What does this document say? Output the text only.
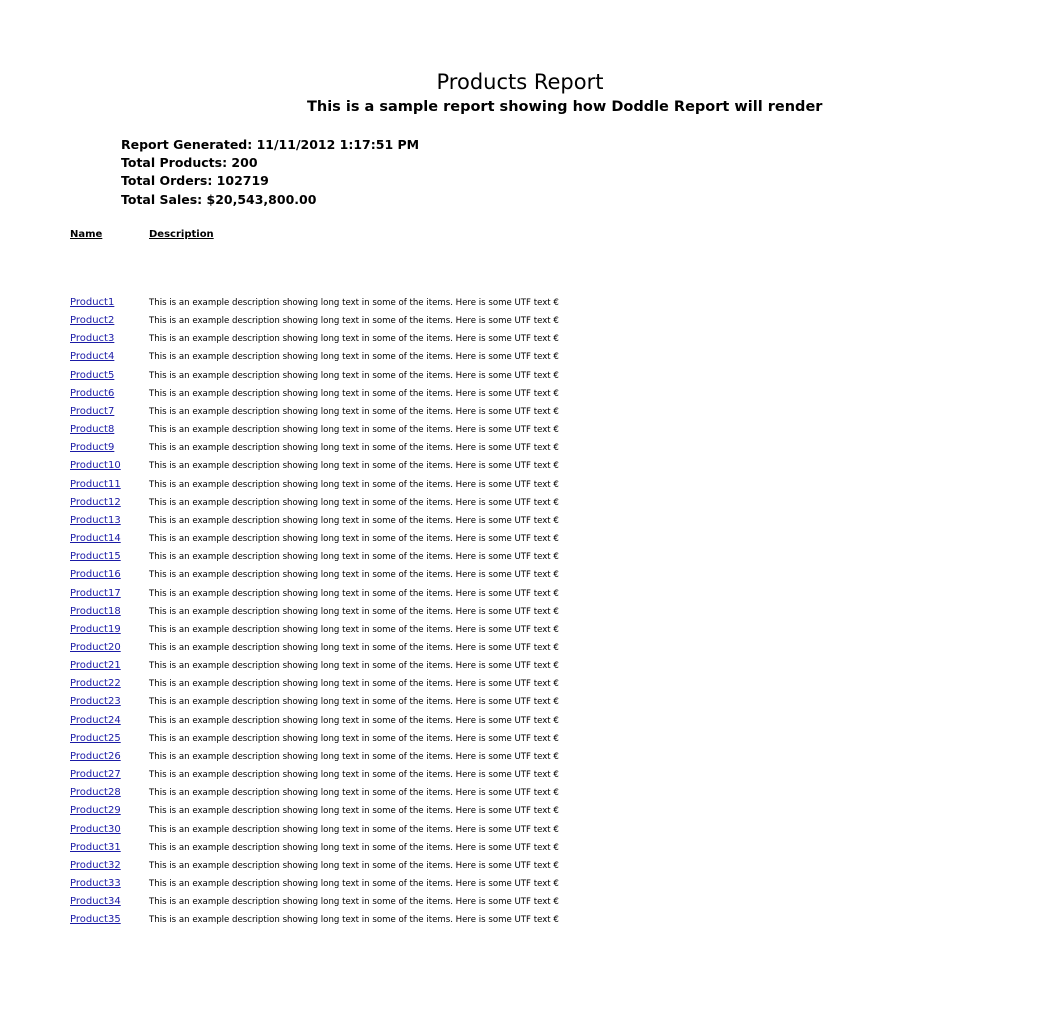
Products Report
This is a sample report showing how Doddle Report will render
Report Generated: 11/11/2012 1:17:51 PM
Total Products: 200
Total Orders: 102719
Total Sales: $20,543,800.00
Name	Description
Product1	This is an example description showing long text in some of the items. Here is some UTF text €
Product2	This is an example description showing long text in some of the items. Here is some UTF text €
Product3	This is an example description showing long text in some of the items. Here is some UTF text €
Product4	This is an example description showing long text in some of the items. Here is some UTF text €
Product5	This is an example description showing long text in some of the items. Here is some UTF text €
Product6	This is an example description showing long text in some of the items. Here is some UTF text €
Product7	This is an example description showing long text in some of the items. Here is some UTF text €
Product8	This is an example description showing long text in some of the items. Here is some UTF text €
Product9	This is an example description showing long text in some of the items. Here is some UTF text €
Product10	This is an example description showing long text in some of the items. Here is some UTF text €
Product11	This is an example description showing long text in some of the items. Here is some UTF text €
Product12	This is an example description showing long text in some of the items. Here is some UTF text €
Product13	This is an example description showing long text in some of the items. Here is some UTF text €
Product14	This is an example description showing long text in some of the items. Here is some UTF text €
Product15	This is an example description showing long text in some of the items. Here is some UTF text €
Product16	This is an example description showing long text in some of the items. Here is some UTF text €
Product17	This is an example description showing long text in some of the items. Here is some UTF text €
Product18	This is an example description showing long text in some of the items. Here is some UTF text €
Product19	This is an example description showing long text in some of the items. Here is some UTF text €
Product20	This is an example description showing long text in some of the items. Here is some UTF text €
Product21	This is an example description showing long text in some of the items. Here is some UTF text €
Product22	This is an example description showing long text in some of the items. Here is some UTF text €
Product23	This is an example description showing long text in some of the items. Here is some UTF text €
Product24	This is an example description showing long text in some of the items. Here is some UTF text €
Product25	This is an example description showing long text in some of the items. Here is some UTF text €
Product26	This is an example description showing long text in some of the items. Here is some UTF text €
Product27	This is an example description showing long text in some of the items. Here is some UTF text €
Product28	This is an example description showing long text in some of the items. Here is some UTF text €
Product29	This is an example description showing long text in some of the items. Here is some UTF text €
Product30	This is an example description showing long text in some of the items. Here is some UTF text €
Product31	This is an example description showing long text in some of the items. Here is some UTF text €
Product32	This is an example description showing long text in some of the items. Here is some UTF text €
Product33	This is an example description showing long text in some of the items. Here is some UTF text €
Product34	This is an example description showing long text in some of the items. Here is some UTF text €
Product35	This is an example description showing long text in some of the items. Here is some UTF text €
